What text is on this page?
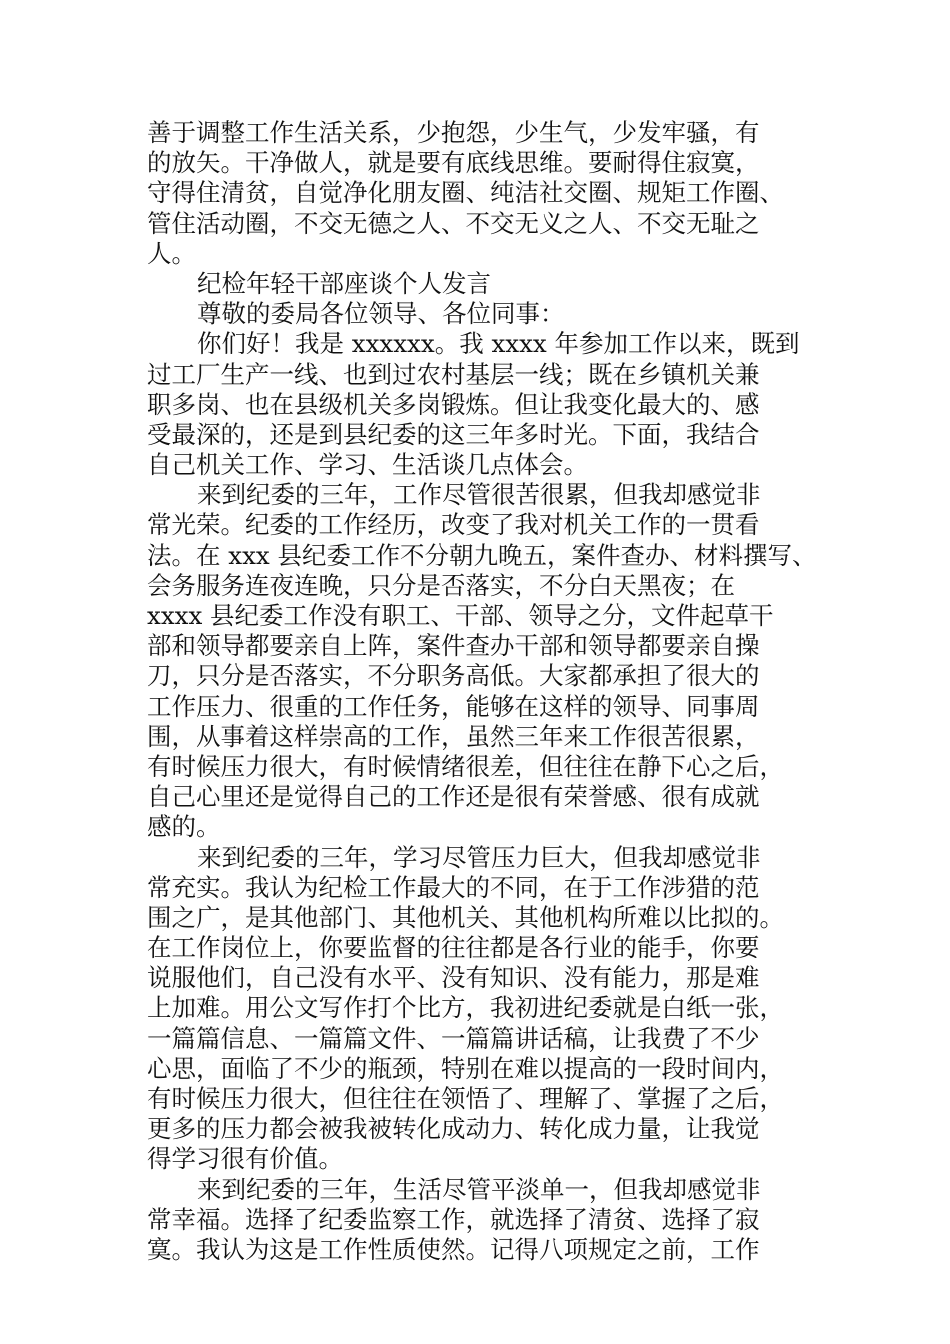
善于调整工作生活关系，少抱怨，少生气，少发牢骚，有
的放矢。干净做人，就是要有底线思维。要耐得住寂寞，
守得住清贫，自觉净化朋友圈、纯洁社交圈、规矩工作圈、
管住活动圈，不交无德之人、不交无义之人、不交无耻之
人。
纪检年轻干部座谈个人发言
尊敬的委局各位领导、各位同事：
你们好！我是 xxxxxx。我 xxxx 年参加工作以来，既到
过工厂生产一线、也到过农村基层一线；既在乡镇机关兼
职多岗、也在县级机关多岗锻炼。但让我变化最大的、感
受最深的，还是到县纪委的这三年多时光。下面，我结合
自己机关工作、学习、生活谈几点体会。
来到纪委的三年，工作尽管很苦很累，但我却感觉非
常光荣。纪委的工作经历，改变了我对机关工作的一贯看
法。在 xxx 县纪委工作不分朝九晚五，案件查办、材料撰写、
会务服务连夜连晚，只分是否落实，不分白天黑夜；在
xxxx 县纪委工作没有职工、干部、领导之分，文件起草干
部和领导都要亲自上阵，案件查办干部和领导都要亲自操
刀，只分是否落实，不分职务高低。大家都承担了很大的
工作压力、很重的工作任务，能够在这样的领导、同事周
围，从事着这样崇高的工作，虽然三年来工作很苦很累，
有时候压力很大，有时候情绪很差，但往往在静下心之后，
自己心里还是觉得自己的工作还是很有荣誉感、很有成就
感的。
来到纪委的三年，学习尽管压力巨大，但我却感觉非
常充实。我认为纪检工作最大的不同，在于工作涉猎的范
围之广，是其他部门、其他机关、其他机构所难以比拟的。
在工作岗位上，你要监督的往往都是各行业的能手，你要
说服他们，自己没有水平、没有知识、没有能力，那是难
上加难。用公文写作打个比方，我初进纪委就是白纸一张，
一篇篇信息、一篇篇文件、一篇篇讲话稿，让我费了不少
心思，面临了不少的瓶颈，特别在难以提高的一段时间内，
有时候压力很大，但往往在领悟了、理解了、掌握了之后，
更多的压力都会被我被转化成动力、转化成力量，让我觉
得学习很有价值。
来到纪委的三年，生活尽管平淡单一，但我却感觉非
常幸福。选择了纪委监察工作，就选择了清贫、选择了寂
寞。我认为这是工作性质使然。记得八项规定之前，工作
